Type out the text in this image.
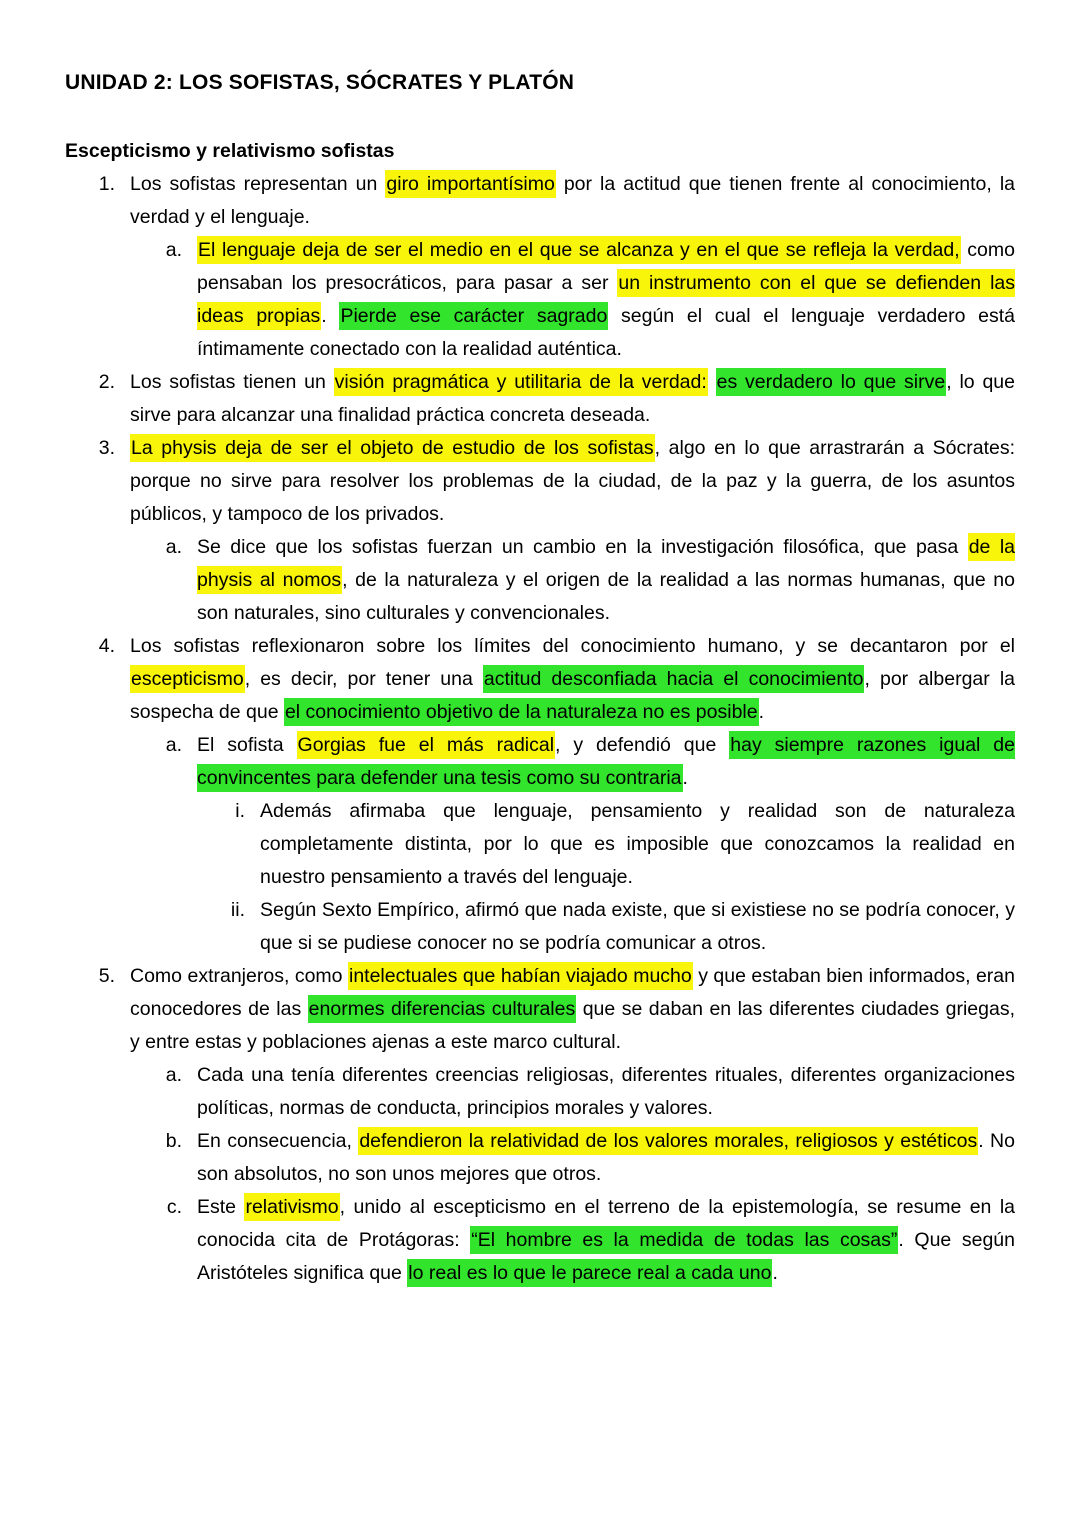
UNIDAD 2: LOS SOFISTAS, SÓCRATES Y PLATÓN
Escepticismo y relativismo sofistas
1. Los sofistas representan un giro importantísimo por la actitud que tienen frente al conocimiento, la verdad y el lenguaje.
a. El lenguaje deja de ser el medio en el que se alcanza y en el que se refleja la verdad, como pensaban los presocráticos, para pasar a ser un instrumento con el que se defienden las ideas propias. Pierde ese carácter sagrado según el cual el lenguaje verdadero está íntimamente conectado con la realidad auténtica.
2. Los sofistas tienen un visión pragmática y utilitaria de la verdad: es verdadero lo que sirve, lo que sirve para alcanzar una finalidad práctica concreta deseada.
3. La physis deja de ser el objeto de estudio de los sofistas, algo en lo que arrastrarán a Sócrates: porque no sirve para resolver los problemas de la ciudad, de la paz y la guerra, de los asuntos públicos, y tampoco de los privados.
a. Se dice que los sofistas fuerzan un cambio en la investigación filosófica, que pasa de la physis al nomos, de la naturaleza y el origen de la realidad a las normas humanas, que no son naturales, sino culturales y convencionales.
4. Los sofistas reflexionaron sobre los límites del conocimiento humano, y se decantaron por el escepticismo, es decir, por tener una actitud desconfiada hacia el conocimiento, por albergar la sospecha de que el conocimiento objetivo de la naturaleza no es posible.
a. El sofista Gorgias fue el más radical, y defendió que hay siempre razones igual de convincentes para defender una tesis como su contraria.
i. Además afirmaba que lenguaje, pensamiento y realidad son de naturaleza completamente distinta, por lo que es imposible que conozcamos la realidad en nuestro pensamiento a través del lenguaje.
ii. Según Sexto Empírico, afirmó que nada existe, que si existiese no se podría conocer, y que si se pudiese conocer no se podría comunicar a otros.
5. Como extranjeros, como intelectuales que habían viajado mucho y que estaban bien informados, eran conocedores de las enormes diferencias culturales que se daban en las diferentes ciudades griegas, y entre estas y poblaciones ajenas a este marco cultural.
a. Cada una tenía diferentes creencias religiosas, diferentes rituales, diferentes organizaciones políticas, normas de conducta, principios morales y valores.
b. En consecuencia, defendieron la relatividad de los valores morales, religiosos y estéticos. No son absolutos, no son unos mejores que otros.
c. Este relativismo, unido al escepticismo en el terreno de la epistemología, se resume en la conocida cita de Protágoras: “El hombre es la medida de todas las cosas”. Que según Aristóteles significa que lo real es lo que le parece real a cada uno.
